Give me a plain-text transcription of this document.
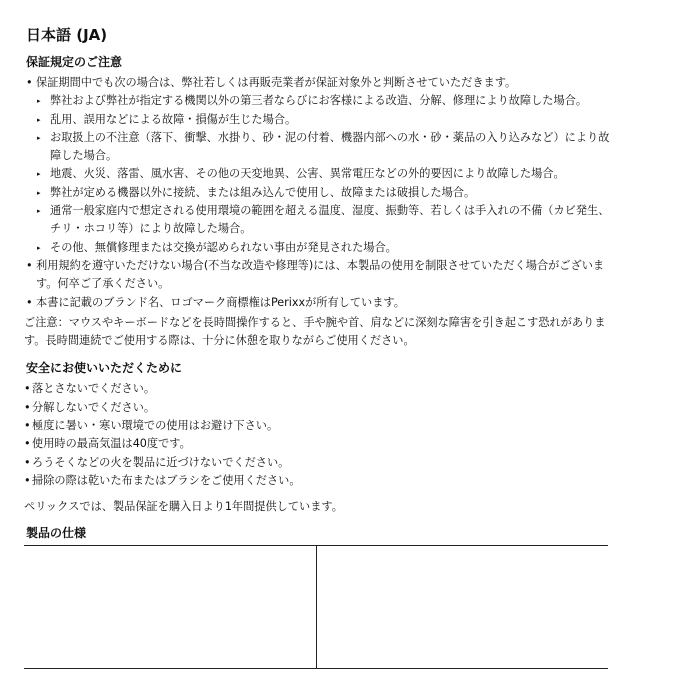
日本語 (JA)
保証規定のご注意
• 保証期間中でも次の場合は、弊社若しくは再販売業者が保証対象外と判断させていただきます。
▸ 弊社および弊社が指定する機関以外の第三者ならびにお客様による改造、分解、修理により故障した場合。
▸ 乱用、誤用などによる故障・損傷が生じた場合。
▸ お取扱上の不注意（落下、衝撃、水掛り、砂・泥の付着、機器内部への水・砂・薬品の入り込みなど）により故障した場合。
▸ 地震、火災、落雷、風水害、その他の天変地異、公害、異常電圧などの外的要因により故障した場合。
▸ 弊社が定める機器以外に接続、または組み込んで使用し、故障または破損した場合。
▸ 通常一般家庭内で想定される使用環境の範囲を超える温度、湿度、振動等、若しくは手入れの不備（カビ発生、チリ・ホコリ等）により故障した場合。
▸ その他、無償修理または交換が認められない事由が発見された場合。
• 利用規約を遵守いただけない場合(不当な改造や修理等)には、本製品の使用を制限させていただく場合がございます。何卒ご了承ください。
• 本書に記載のブランド名、ロゴマーク商標権はPerixxが所有しています。
ご注意：マウスやキーボードなどを長時間操作すると、手や腕や首、肩などに深刻な障害を引き起こす恐れがあります。長時間連続でご使用する際は、十分に休憩を取りながらご使用ください。
安全にお使いいただくために
• 落とさないでください。
• 分解しないでください。
• 極度に暑い・寒い環境での使用はお避け下さい。
• 使用時の最高気温は40度です。
• ろうそくなどの火を製品に近づけないでください。
• 掃除の際は乾いた布またはブラシをご使用ください。
ペリックスでは、製品保証を購入日より1年間提供しています。
製品の仕様
